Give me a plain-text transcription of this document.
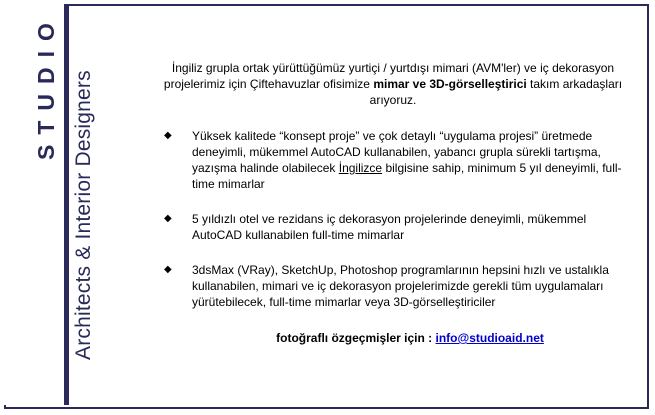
STUDIO Architects & Interior Designers
İngiliz grupla ortak yürüttüğümüz yurtiçi / yurtdışı mimari (AVM'ler) ve iç dekorasyon
projelerimiz için Çiftehavuzlar ofisimize mimar ve 3D-görselleştirici takım arkadaşları
arıyoruz.
◆ Yüksek kalitede “konsept proje” ve çok detaylı “uygulama projesi” üretmede deneyimli, mükemmel AutoCAD kullanabilen, yabancı grupla sürekli tartışma, yazışma halinde olabilecek İngilizce bilgisine sahip, minimum 5 yıl deneyimli, full-time mimarlar
◆ 5 yıldızlı otel ve rezidans iç dekorasyon projelerinde deneyimli, mükemmel AutoCAD kullanabilen full-time mimarlar
◆ 3dsMax (VRay), SketchUp, Photoshop programlarının hepsini hızlı ve ustalıkla kullanabilen, mimari ve iç dekorasyon projelerimizde gerekli tüm uygulamaları yürütebilecek, full-time mimarlar veya 3D-görselleştiriciler
fotoğraflı özgeçmişler için : info@studioaid.net
